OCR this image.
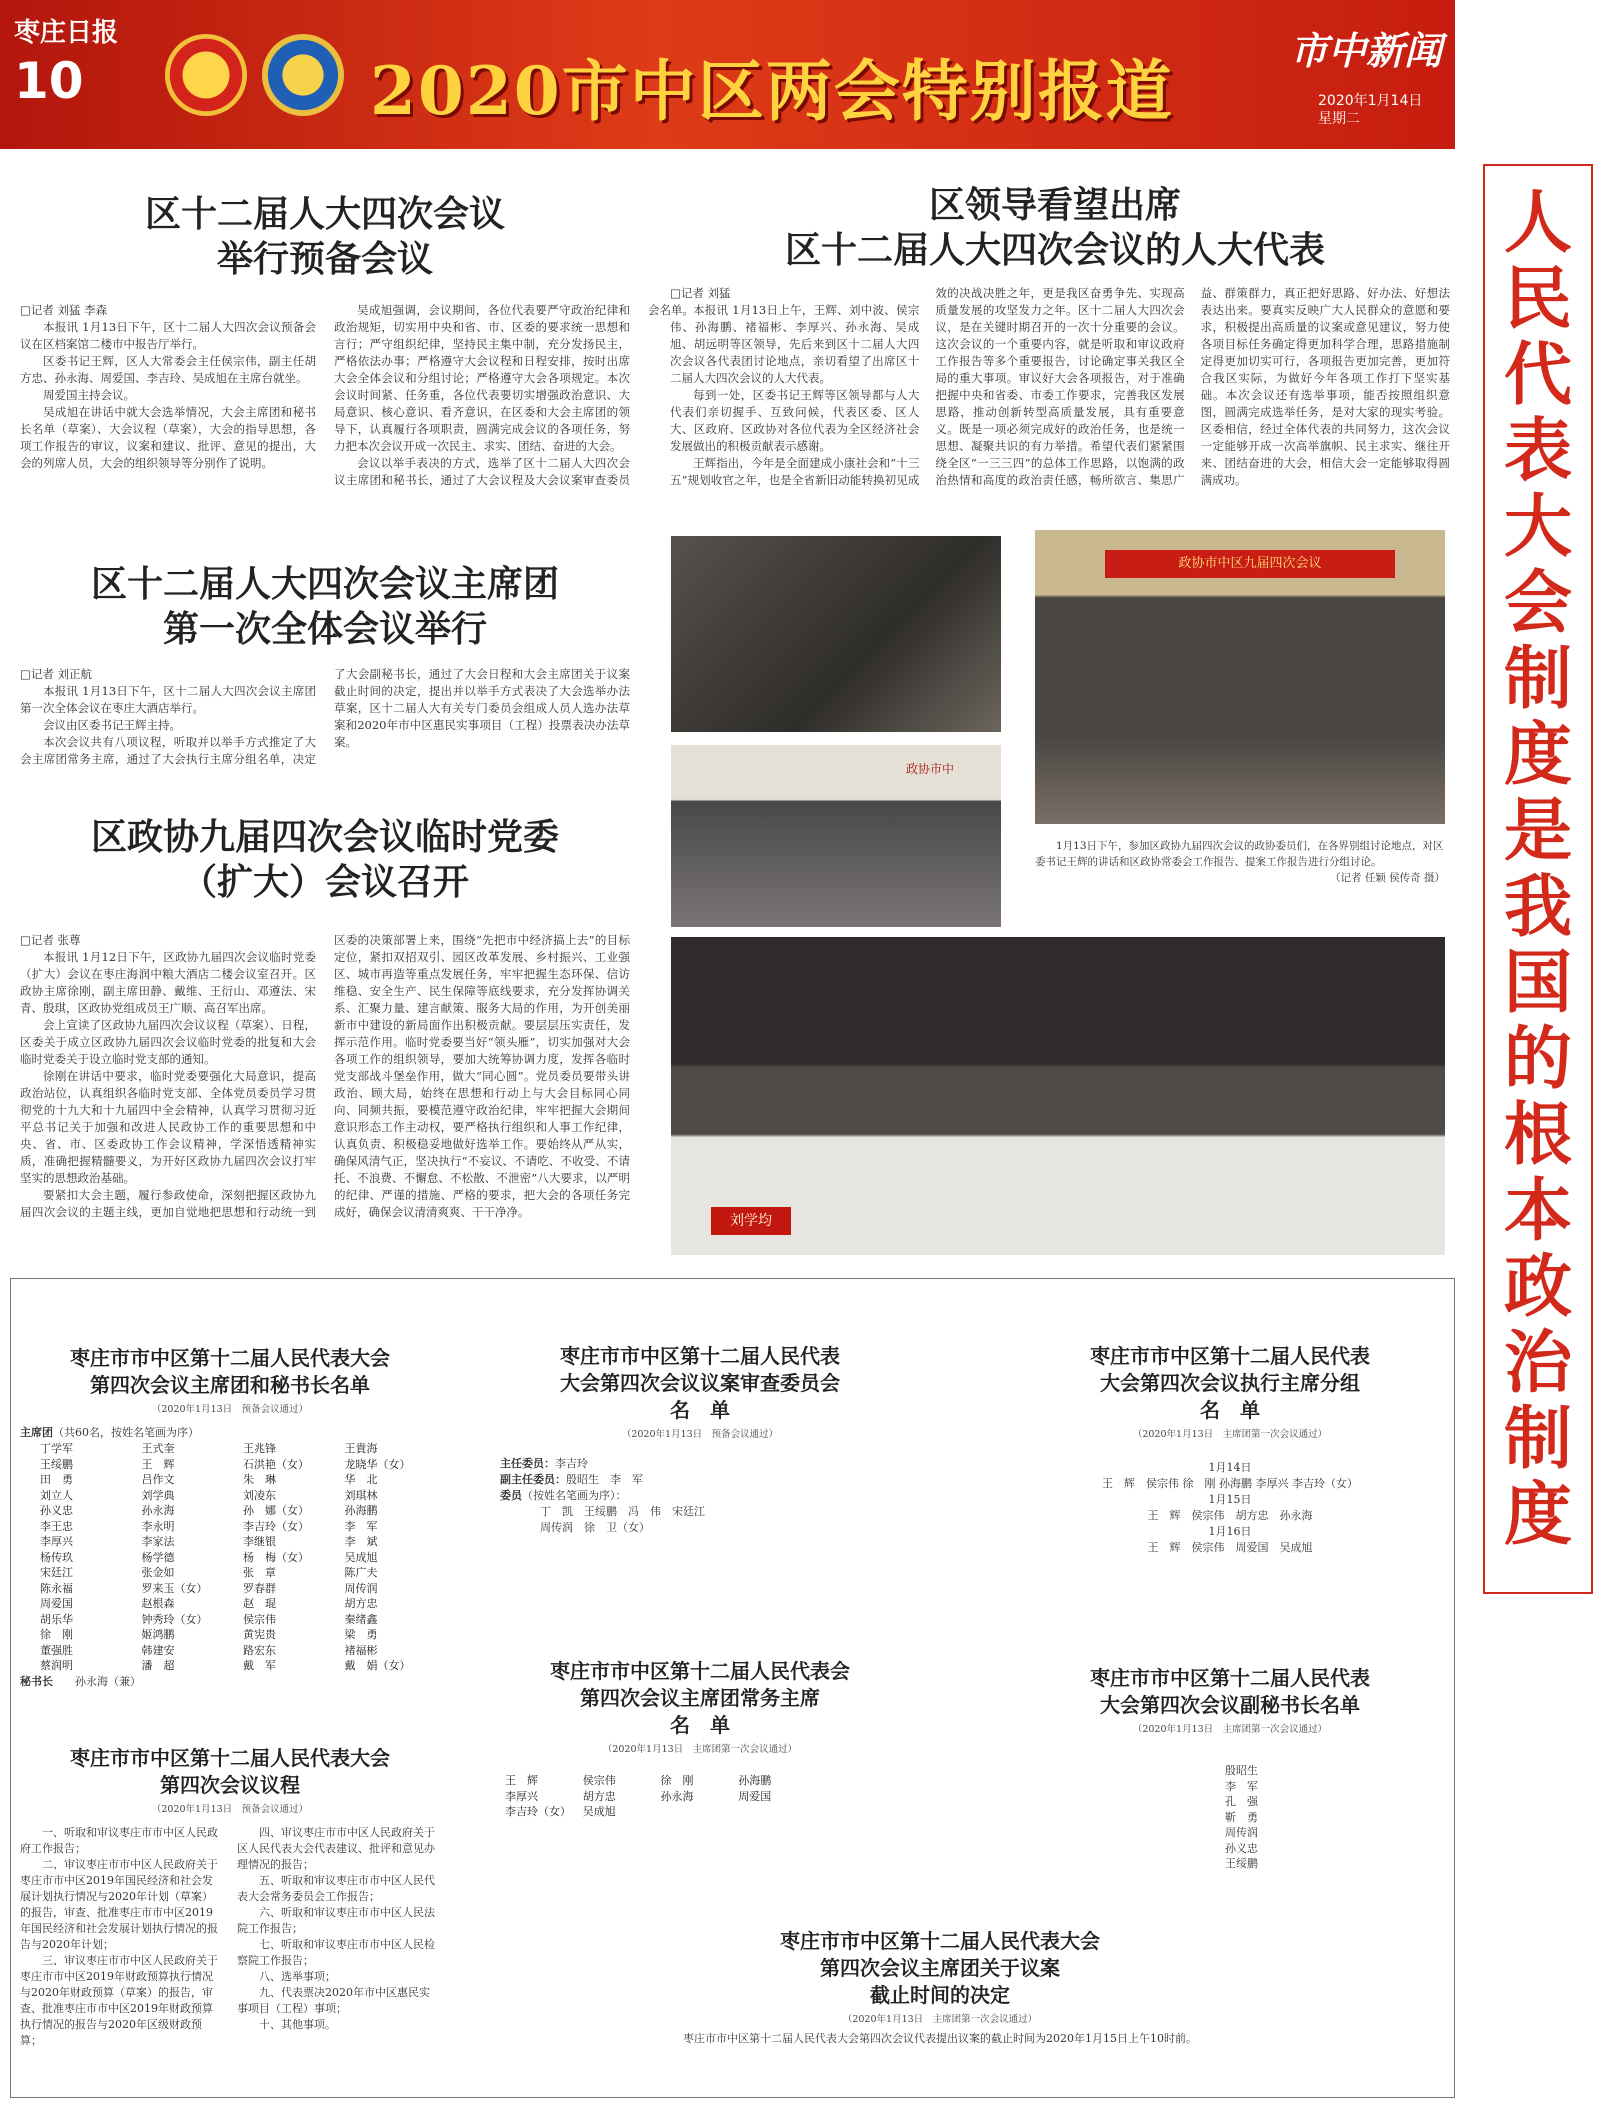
枣庄日报
10	2020市中区两会特别报道
市中新闻
2020年1月14日
星期二
人民代表大会制度是我国的根本政治制度
区十二届人大四次会议
举行预备会议
□记者 刘猛 李森

本报讯 1月13日下午，区十二届人大四次会议预备会议在区档案馆二楼市中报告厅举行。

区委书记王辉，区人大常委会主任侯宗伟，副主任胡方忠、孙永海、周爱国、李吉玲、吴成旭在主席台就坐。

周爱国主持会议。

吴成旭在讲话中就大会选举情况，大会主席团和秘书长名单（草案）、大会议程（草案），大会的指导思想，各项工作报告的审议，议案和建议、批评、意见的提出，大会的列席人员，大会的组织领导等分别作了说明。

吴成旭强调，会议期间，各位代表要严守政治纪律和政治规矩，切实用中央和省、市、区委的要求统一思想和言行；严守组织纪律，坚持民主集中制，充分发扬民主，严格依法办事；严格遵守大会议程和日程安排，按时出席大会全体会议和分组讨论；严格遵守大会各项规定。本次会议时间紧、任务重，各位代表要切实增强政治意识、大局意识、核心意识、看齐意识，在区委和大会主席团的领导下，认真履行各项职责，圆满完成会议的各项任务，努力把本次会议开成一次民主、求实、团结、奋进的大会。

会议以举手表决的方式，选举了区十二届人大四次会议主席团和秘书长，通过了大会议程及大会议案审查委员会名单。

区领导看望出席
区十二届人大四次会议的人大代表
□记者 刘猛

本报讯 1月13日上午，王辉、刘中波、侯宗伟、孙海鹏、褚福彬、李厚兴、孙永海、吴成旭、胡远明等区领导，先后来到区十二届人大四次会议各代表团讨论地点，亲切看望了出席区十二届人大四次会议的人大代表。

每到一处，区委书记王辉等区领导都与人大代表们亲切握手、互致问候，代表区委、区人大、区政府、区政协对各位代表为全区经济社会发展做出的积极贡献表示感谢。

王辉指出，今年是全面建成小康社会和“十三五”规划收官之年，也是全省新旧动能转换初见成效的决战决胜之年，更是我区奋勇争先、实现高质量发展的攻坚发力之年。区十二届人大四次会议，是在关键时期召开的一次十分重要的会议。这次会议的一个重要内容，就是听取和审议政府工作报告等多个重要报告，讨论确定事关我区全局的重大事项。审议好大会各项报告，对于准确把握中央和省委、市委工作要求，完善我区发展思路，推动创新转型高质量发展，具有重要意义。既是一项必须完成好的政治任务，也是统一思想、凝聚共识的有力举措。希望代表们紧紧围绕全区“一三三四”的总体工作思路，以饱满的政治热情和高度的政治责任感，畅所欲言、集思广益、群策群力，真正把好思路、好办法、好想法表达出来。要真实反映广大人民群众的意愿和要求，积极提出高质量的议案或意见建议，努力使各项目标任务确定得更加科学合理，思路措施制定得更加切实可行，各项报告更加完善，更加符合我区实际，为做好今年各项工作打下坚实基础。本次会议还有选举事项，能否按照组织意图，圆满完成选举任务，是对大家的现实考验。区委相信，经过全体代表的共同努力，这次会议一定能够开成一次高举旗帜、民主求实、继往开来、团结奋进的大会，相信大会一定能够取得圆满成功。

区十二届人大四次会议主席团
第一次全体会议举行
□记者 刘正航

本报讯 1月13日下午，区十二届人大四次会议主席团第一次全体会议在枣庄大酒店举行。

会议由区委书记王辉主持。

本次会议共有八项议程，听取并以举手方式推定了大会主席团常务主席，通过了大会执行主席分组名单，决定了大会副秘书长，通过了大会日程和大会主席团关于议案截止时间的决定，提出并以举手方式表决了大会选举办法草案，区十二届人大有关专门委员会组成人员人选办法草案和2020年市中区惠民实事项目（工程）投票表决办法草案。

区政协九届四次会议临时党委
（扩大）会议召开
□记者 张尊

本报讯 1月12日下午，区政协九届四次会议临时党委（扩大）会议在枣庄海润中粮大酒店二楼会议室召开。区政协主席徐刚，副主席田静、戴维、王衍山、邓遵法、宋青、殷琪，区政协党组成员王广顺、高召军出席。

会上宣读了区政协九届四次会议议程（草案）、日程，区委关于成立区政协九届四次会议临时党委的批复和大会临时党委关于设立临时党支部的通知。

徐刚在讲话中要求，临时党委要强化大局意识，提高政治站位，认真组织各临时党支部、全体党员委员学习贯彻党的十九大和十九届四中全会精神，认真学习贯彻习近平总书记关于加强和改进人民政协工作的重要思想和中央、省、市、区委政协工作会议精神，学深悟透精神实质，准确把握精髓要义，为开好区政协九届四次会议打牢坚实的思想政治基础。

要紧扣大会主题，履行参政使命，深刻把握区政协九届四次会议的主题主线，更加自觉地把思想和行动统一到区委的决策部署上来，围绕“先把市中经济搞上去”的目标定位，紧扣双招双引、园区改革发展、乡村振兴、工业强区、城市再造等重点发展任务，牢牢把握生态环保、信访维稳、安全生产、民生保障等底线要求，充分发挥协调关系、汇聚力量、建言献策、服务大局的作用，为开创美丽新市中建设的新局面作出积极贡献。要层层压实责任，发挥示范作用。临时党委要当好“领头雁”，切实加强对大会各项工作的组织领导，要加大统筹协调力度，发挥各临时党支部战斗堡垒作用，做大“同心圆”。党员委员要带头讲政治、顾大局，始终在思想和行动上与大会目标同心同向、同频共振，要模范遵守政治纪律，牢牢把握大会期间意识形态工作主动权，要严格执行组织和人事工作纪律，认真负责、积极稳妥地做好选举工作。要始终从严从实，确保风清气正，坚决执行“不妄议、不请吃、不收受、不请托、不浪费、不懈怠、不松散、不泄密”八大要求，以严明的纪律、严谨的措施、严格的要求，把大会的各项任务完成好，确保会议清清爽爽、干干净净。

政协市中
政协市中区九届四次会议
1月13日下午，参加区政协九届四次会议的政协委员们，在各界别组讨论地点，对区委书记王辉的讲话和区政协常委会工作报告、提案工作报告进行分组讨论。
（记者 任颖 侯传奇 摄）
刘学均
枣庄市市中区第十二届人民代表大会
第四次会议主席团和秘书长名单
（2020年1月13日　预备会议通过）
主席团（共60名，按姓名笔画为序）
丁学军	王式奎	王兆锋	王貴海
王绥鹏	王　辉	石洪艳（女）	龙晓华（女）
田　勇	吕作文	朱　琳	华　北
刘立人	刘学典	刘凌东	刘琪林
孙义忠	孙永海	孙　娜（女）	孙海鹏
李王忠	李永明	李吉玲（女）	李　军
李厚兴	李家法	李继银	李　斌
杨传玖	杨学德	杨　梅（女）	吴成旭
宋廷江	张金如	张　章	陈广夫
陈永福	罗来玉（女）	罗春群	周传润
周爱国	赵根森	赵　琨	胡方忠
胡乐华	钟秀玲（女）	侯宗伟	秦绪鑫
徐　刚	姬鸿鹏	黄宪贵	梁　勇
董强胜	韩建安	路宏东	褚福彬
蔡润明	潘　超	戴　军	戴　娟（女）
秘书长　　 孙永海（兼）
枣庄市市中区第十二届人民代表
大会第四次会议议案审查委员会
名　单
（2020年1月13日　预备会议通过）
主任委员：李吉玲
副主任委员：殷昭生　李　军
委员（按姓名笔画为序）：
丁　凯　王绥鹏　冯　伟　宋廷江
周传润　徐　卫（女）
枣庄市市中区第十二届人民代表
大会第四次会议执行主席分组
名　单
（2020年1月13日　主席团第一次会议通过）
1月14日
王　辉　侯宗伟 徐　刚 孙海鹏 李厚兴 李吉玲（女）
1月15日
王　辉　侯宗伟　胡方忠　孙永海
1月16日
王　辉　侯宗伟　周爱国　吴成旭
枣庄市市中区第十二届人民代表会
第四次会议主席团常务主席
名　单
（2020年1月13日　主席团第一次会议通过）
王　辉	侯宗伟	徐　刚	孙海鹏
李厚兴	胡方忠	孙永海	周爱国
李吉玲（女）	吴成旭
枣庄市市中区第十二届人民代表
大会第四次会议副秘书长名单
（2020年1月13日　主席团第一次会议通过）
殷昭生
李　军
孔　强
靳　勇
周传润
孙义忠
王绥鹏
枣庄市市中区第十二届人民代表大会
第四次会议议程
（2020年1月13日　预备会议通过）
一、听取和审议枣庄市市中区人民政府工作报告；
二、审议枣庄市市中区人民政府关于枣庄市市中区2019年国民经济和社会发展计划执行情况与2020年计划（草案）的报告，审查、批准枣庄市市中区2019年国民经济和社会发展计划执行情况的报告与2020年计划；
三、审议枣庄市市中区人民政府关于枣庄市市中区2019年财政预算执行情况与2020年财政预算（草案）的报告，审查、批准枣庄市市中区2019年财政预算执行情况的报告与2020年区级财政预算；
四、审议枣庄市市中区人民政府关于区人民代表大会代表建议、批评和意见办理情况的报告；
五、听取和审议枣庄市市中区人民代表大会常务委员会工作报告；
六、听取和审议枣庄市市中区人民法院工作报告；
七、听取和审议枣庄市市中区人民检察院工作报告；
八、选举事项；
九、代表票决2020年市中区惠民实事项目（工程）事项；
十、其他事项。
枣庄市市中区第十二届人民代表大会
第四次会议主席团关于议案
截止时间的决定
（2020年1月13日　主席团第一次会议通过）
枣庄市市中区第十二届人民代表大会第四次会议代表提出议案的截止时间为2020年1月15日上午10时前。
